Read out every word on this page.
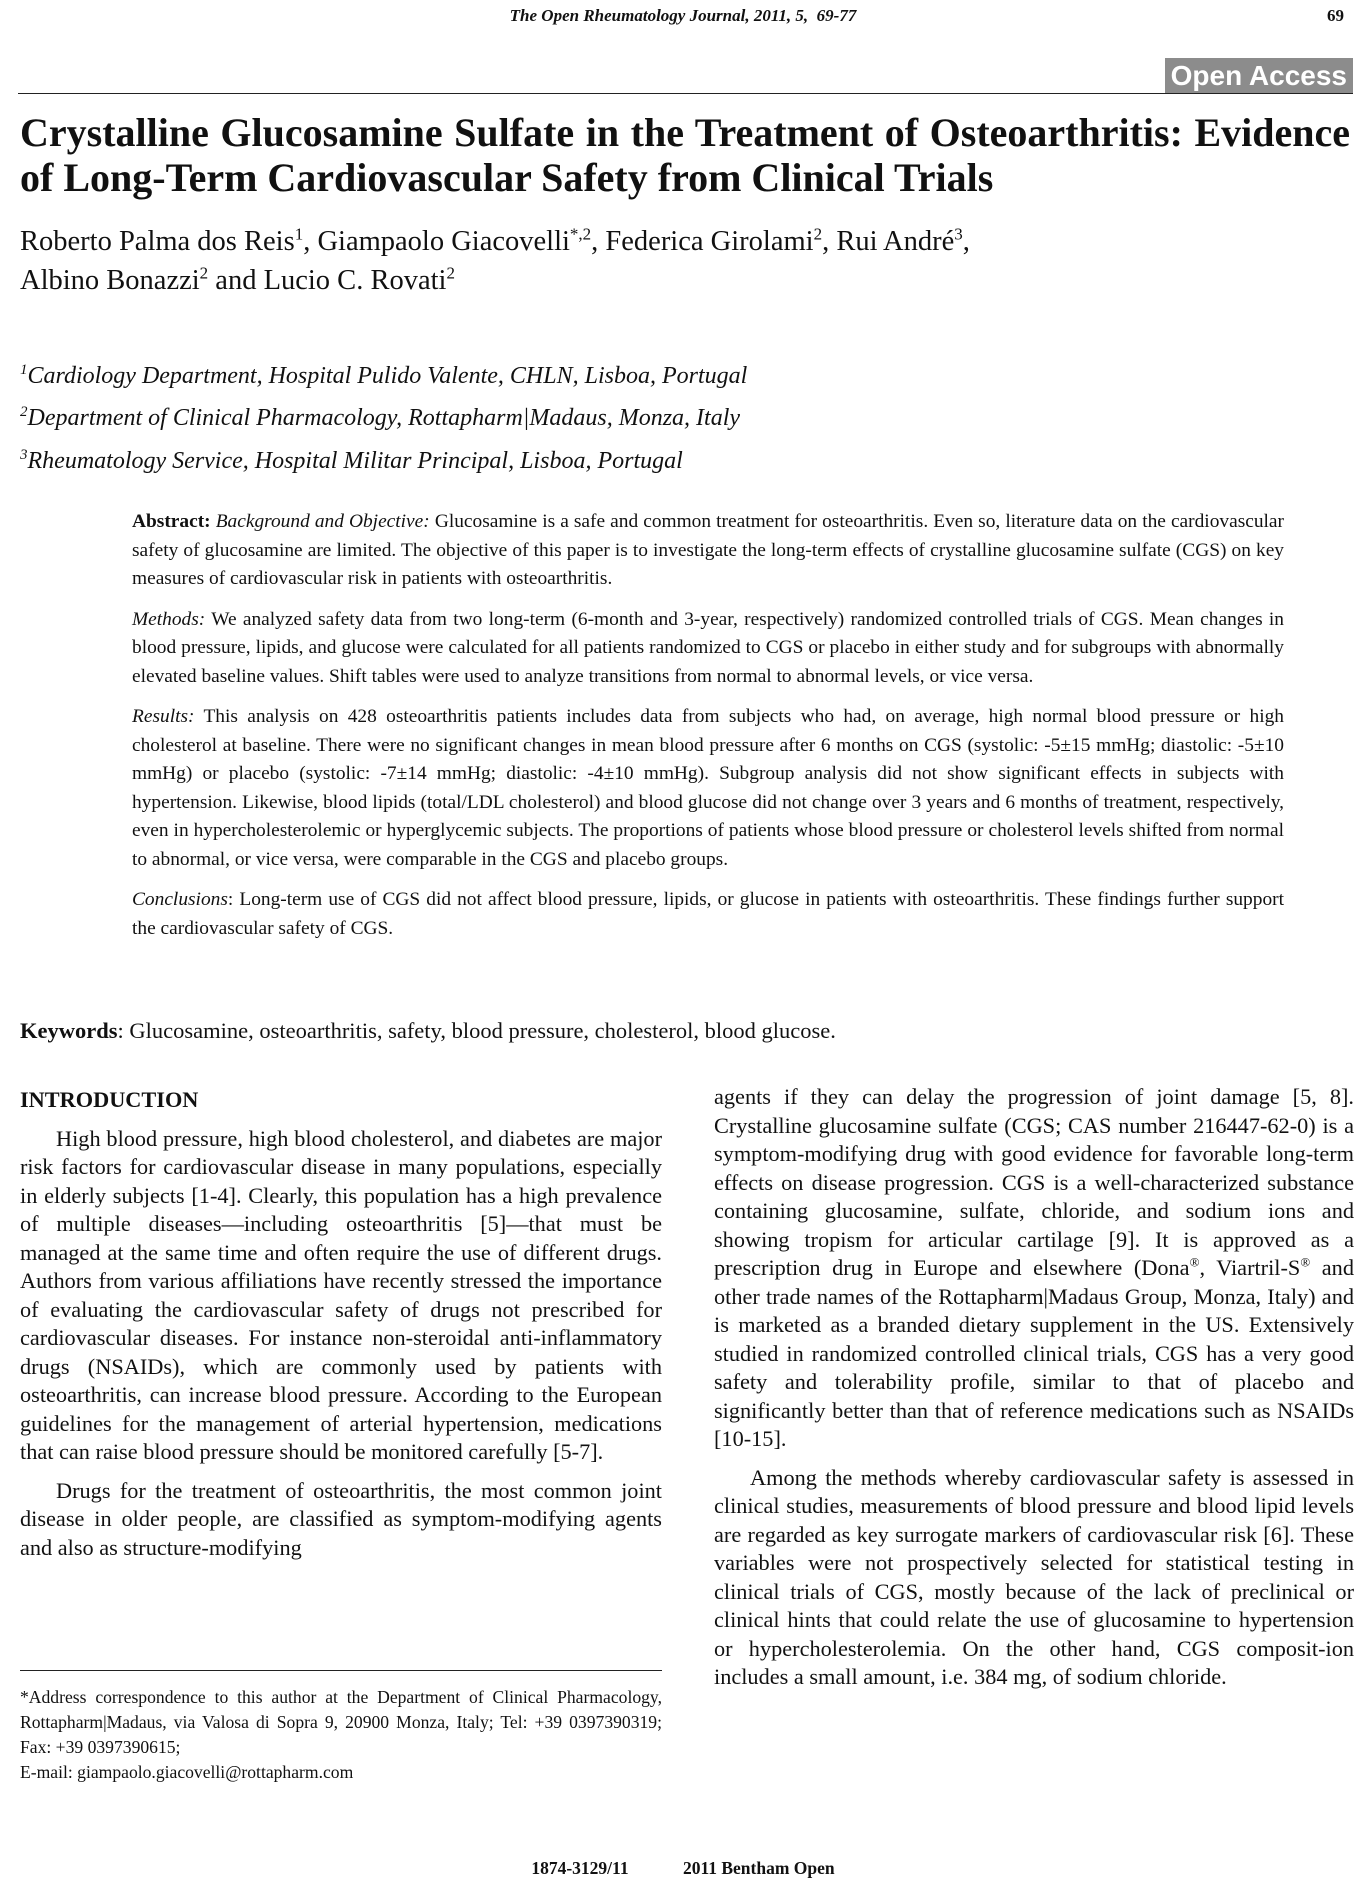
The Open Rheumatology Journal, 2011, 5,  69-77	69
Open Access
Crystalline Glucosamine Sulfate in the Treatment of Osteoarthritis: Evidence of Long-Term Cardiovascular Safety from Clinical Trials
Roberto Palma dos Reis$^1$, Giampaolo Giacovelli$^{*,2}$, Federica Girolami$^2$, Rui André$^3$,
Albino Bonazzi$^2$ and Lucio C. Rovati$^2$
$^1$Cardiology Department, Hospital Pulido Valente, CHLN, Lisboa, Portugal
$^2$Department of Clinical Pharmacology, Rottapharm|Madaus, Monza, Italy
$^3$Rheumatology Service, Hospital Militar Principal, Lisboa, Portugal

Abstract: Background and Objective: Glucosamine is a safe and common treatment for osteoarthritis. Even so, literature data on the cardiovascular safety of glucosamine are limited. The objective of this paper is to investigate the long-term effects of crystalline glucosamine sulfate (CGS) on key measures of cardiovascular risk in patients with osteoarthritis.

Methods: We analyzed safety data from two long-term (6-month and 3-year, respectively) randomized controlled trials of CGS. Mean changes in blood pressure, lipids, and glucose were calculated for all patients randomized to CGS or placebo in either study and for subgroups with abnormally elevated baseline values. Shift tables were used to analyze transitions from normal to abnormal levels, or vice versa.

Results: This analysis on 428 osteoarthritis patients includes data from subjects who had, on average, high normal blood pressure or high cholesterol at baseline. There were no significant changes in mean blood pressure after 6 months on CGS (systolic: -5±15 mmHg; diastolic: -5±10 mmHg) or placebo (systolic: -7±14 mmHg; diastolic: -4±10 mmHg). Subgroup analysis did not show significant effects in subjects with hypertension. Likewise, blood lipids (total/LDL cholesterol) and blood glucose did not change over 3 years and 6 months of treatment, respectively, even in hypercholesterolemic or hyperglycemic subjects. The proportions of patients whose blood pressure or cholesterol levels shifted from normal to abnormal, or vice versa, were comparable in the CGS and placebo groups.

Conclusions: Long-term use of CGS did not affect blood pressure, lipids, or glucose in patients with osteoarthritis. These findings further support the cardiovascular safety of CGS.

Keywords: Glucosamine, osteoarthritis, safety, blood pressure, cholesterol, blood glucose.
INTRODUCTION

High blood pressure, high blood cholesterol, and diabetes are major risk factors for cardiovascular disease in many populations, especially in elderly subjects [1-4]. Clearly, this population has a high prevalence of multiple diseases—including osteoarthritis [5]—that must be managed at the same time and often require the use of different drugs. Authors from various affiliations have recently stressed the importance of evaluating the cardiovascular safety of drugs not prescribed for cardiovascular diseases. For instance non-steroidal anti-inflammatory drugs (NSAIDs), which are commonly used by patients with osteoarthritis, can increase blood pressure. According to the European guidelines for the management of arterial hypertension, medications that can raise blood pressure should be monitored carefully [5-7].

Drugs for the treatment of osteoarthritis, the most common joint disease in older people, are classified as symptom-modifying agents and also as structure-modifying

agents if they can delay the progression of joint damage [5, 8]. Crystalline glucosamine sulfate (CGS; CAS number 216447-62-0) is a symptom-modifying drug with good evidence for favorable long-term effects on disease progression. CGS is a well-characterized substance containing glucosamine, sulfate, chloride, and sodium ions and showing tropism for articular cartilage [9]. It is approved as a prescription drug in Europe and elsewhere (Dona®, Viartril-S® and other trade names of the Rottapharm|Madaus Group, Monza, Italy) and is marketed as a branded dietary supplement in the US. Extensively studied in randomized controlled clinical trials, CGS has a very good safety and tolerability profile, similar to that of placebo and significantly better than that of reference medications such as NSAIDs [10-15].

Among the methods whereby cardiovascular safety is assessed in clinical studies, measurements of blood pressure and blood lipid levels are regarded as key surrogate markers of cardiovascular risk [6]. These variables were not prospectively selected for statistical testing in clinical trials of CGS, mostly because of the lack of preclinical or clinical hints that could relate the use of glucosamine to hypertension or hypercholesterolemia. On the other hand, CGS composit-ion includes a small amount, i.e. 384 mg, of sodium chloride.

*Address correspondence to this author at the Department of Clinical Pharmacology, Rottapharm|Madaus, via Valosa di Sopra 9, 20900 Monza, Italy; Tel: +39 0397390319; Fax: +39 0397390615;
E-mail: giampaolo.giacovelli@rottapharm.com
1874-3129/11	2011 Bentham Open
